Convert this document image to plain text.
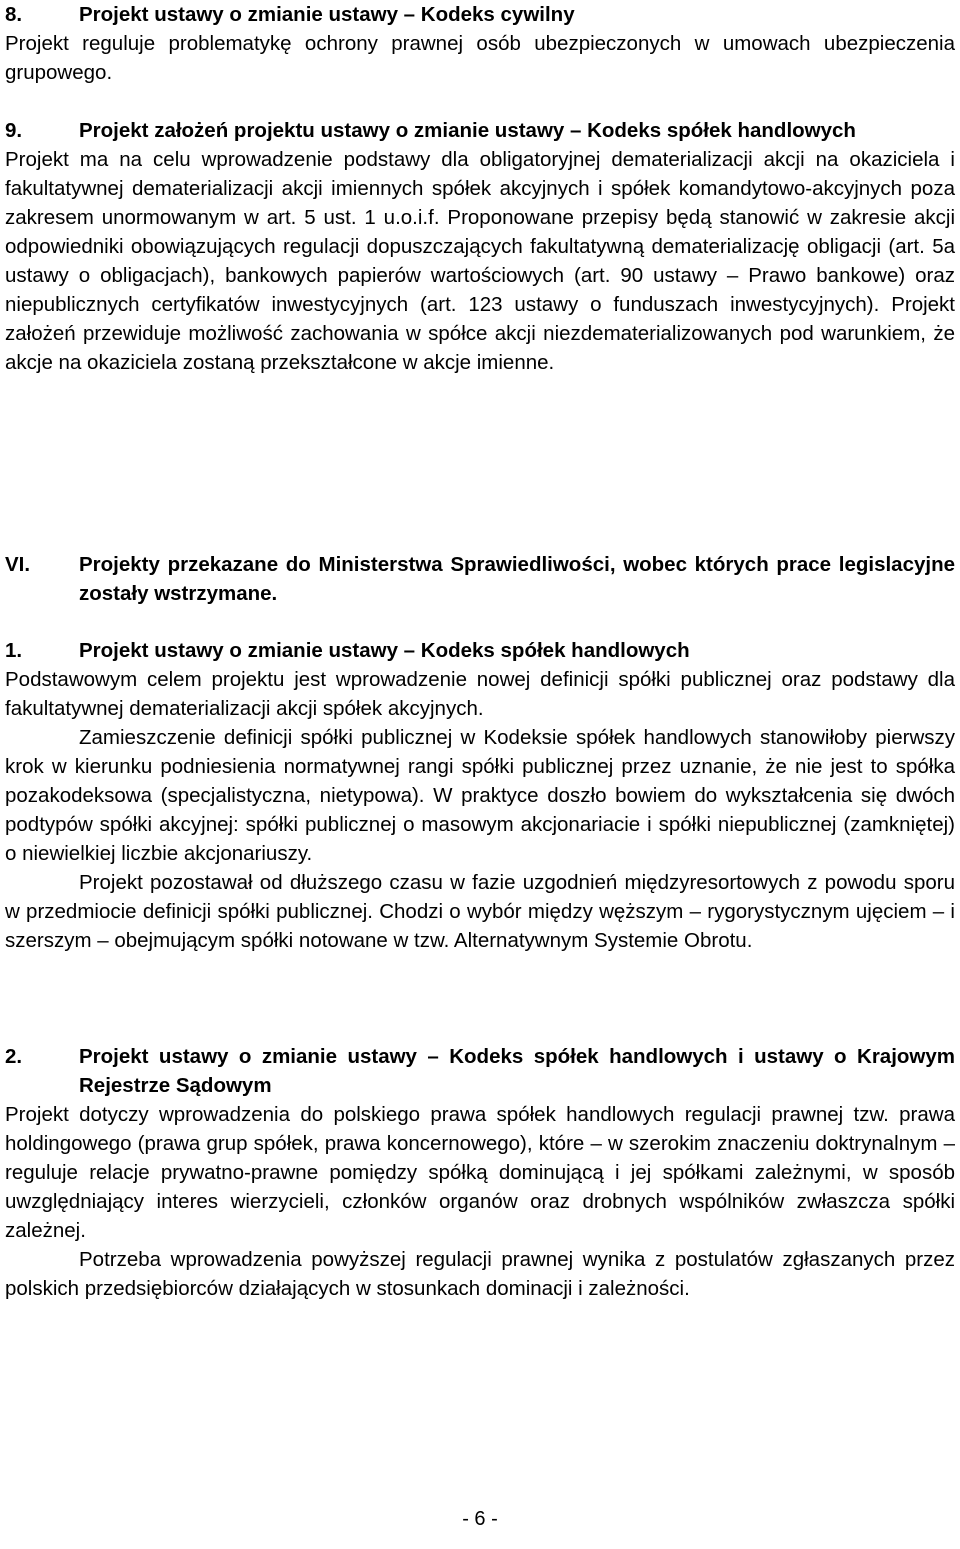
8.	Projekt ustawy o zmianie ustawy – Kodeks cywilny

Projekt reguluje problematykę ochrony prawnej osób ubezpieczonych w umowach ubezpieczenia grupowego.

9.	Projekt założeń projektu ustawy o zmianie ustawy – Kodeks spółek handlowych

Projekt ma na celu wprowadzenie podstawy dla obligatoryjnej dematerializacji akcji na okaziciela i fakultatywnej dematerializacji akcji imiennych spółek akcyjnych i spółek komandytowo-akcyjnych poza zakresem unormowanym w art. 5 ust. 1 u.o.i.f. Proponowane przepisy będą stanowić w zakresie akcji odpowiedniki obowiązujących regulacji dopuszczających fakultatywną dematerializację obligacji (art. 5a ustawy o obligacjach), bankowych papierów wartościowych (art. 90 ustawy – Prawo bankowe) oraz niepublicznych certyfikatów inwestycyjnych (art. 123 ustawy o funduszach inwestycyjnych). Projekt założeń przewiduje możliwość zachowania w spółce akcji niezdematerializowanych pod warunkiem, że akcje na okaziciela zostaną przekształcone w akcje imienne.

VI.	Projekty przekazane do Ministerstwa Sprawiedliwości, wobec których prace legislacyjne zostały wstrzymane.
1.	Projekt ustawy o zmianie ustawy – Kodeks spółek handlowych

Podstawowym celem projektu jest wprowadzenie nowej definicji spółki publicznej oraz podstawy dla fakultatywnej dematerializacji akcji spółek akcyjnych.

Zamieszczenie definicji spółki publicznej w Kodeksie spółek handlowych stanowiłoby pierwszy krok w kierunku podniesienia normatywnej rangi spółki publicznej przez uznanie, że nie jest to spółka pozakodeksowa (specjalistyczna, nietypowa). W praktyce doszło bowiem do wykształcenia się dwóch podtypów spółki akcyjnej: spółki publicznej o masowym akcjonariacie i spółki niepublicznej (zamkniętej) o niewielkiej liczbie akcjonariuszy.

Projekt pozostawał od dłuższego czasu w fazie uzgodnień międzyresortowych z powodu sporu w przedmiocie definicji spółki publicznej. Chodzi o wybór między węższym – rygorystycznym ujęciem – i szerszym – obejmującym spółki notowane w tzw. Alternatywnym Systemie Obrotu.

2.	Projekt ustawy o zmianie ustawy – Kodeks spółek handlowych i ustawy o Krajowym Rejestrze Sądowym

Projekt dotyczy wprowadzenia do polskiego prawa spółek handlowych regulacji prawnej tzw. prawa holdingowego (prawa grup spółek, prawa koncernowego), które – w szerokim znaczeniu doktrynalnym – reguluje relacje prywatno-prawne pomiędzy spółką dominującą i jej spółkami zależnymi, w sposób uwzględniający interes wierzycieli, członków organów oraz drobnych wspólników zwłaszcza spółki zależnej.

Potrzeba wprowadzenia powyższej regulacji prawnej wynika z postulatów zgłaszanych przez polskich przedsiębiorców działających w stosunkach dominacji i zależności.

- 6 -
